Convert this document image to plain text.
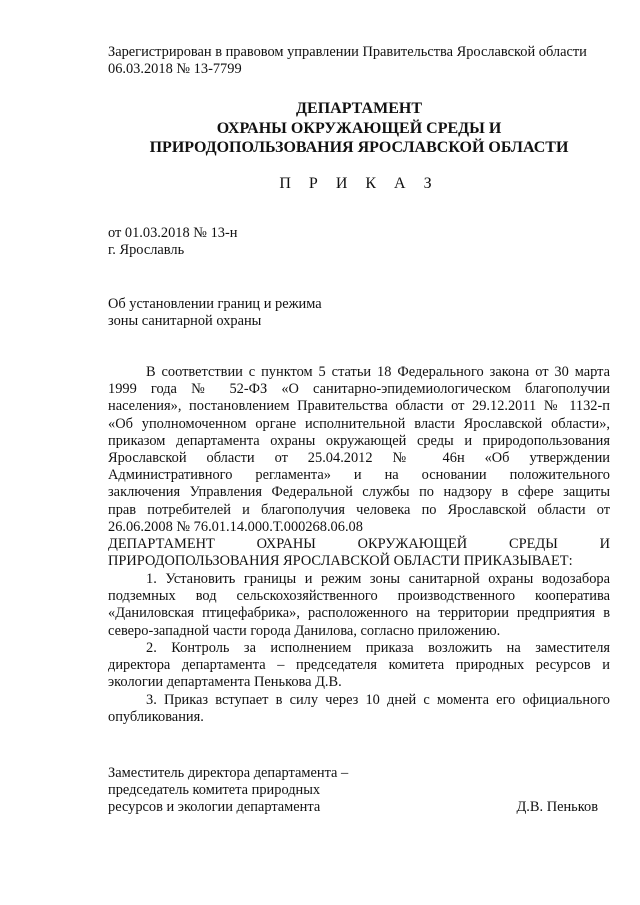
Зарегистрирован в правовом управлении Правительства Ярославской области
06.03.2018 № 13-7799
ДЕПАРТАМЕНТ
ОХРАНЫ ОКРУЖАЮЩЕЙ СРЕДЫ И
ПРИРОДОПОЛЬЗОВАНИЯ ЯРОСЛАВСКОЙ ОБЛАСТИ
П Р И К А З
от 01.03.2018 № 13-н
г. Ярославль
Об установлении границ и режима
зоны санитарной охраны
В соответствии с пунктом 5 статьи 18 Федерального закона от 30 марта
1999 года № 52-ФЗ «О санитарно-эпидемиологическом благополучии
населения», постановлением Правительства области от 29.12.2011 № 1132-п
«Об уполномоченном органе исполнительной власти Ярославской области»,
приказом департамента охраны окружающей среды и природопользования
Ярославской области от 25.04.2012 № 46н «Об утверждении
Административного регламента» и на основании положительного
заключения Управления Федеральной службы по надзору в сфере защиты
прав потребителей и благополучия человека по Ярославской области от
26.06.2008 № 76.01.14.000.Т.000268.06.08
ДЕПАРТАМЕНТ ОХРАНЫ ОКРУЖАЮЩЕЙ СРЕДЫ И
ПРИРОДОПОЛЬЗОВАНИЯ ЯРОСЛАВСКОЙ ОБЛАСТИ ПРИКАЗЫВАЕТ:
1. Установить границы и режим зоны санитарной охраны водозабора
подземных вод сельскохозяйственного производственного кооператива
«Даниловская птицефабрика», расположенного на территории предприятия в
северо-западной части города Данилова, согласно приложению.
2. Контроль за исполнением приказа возложить на заместителя
директора департамента – председателя комитета природных ресурсов и
экологии департамента Пенькова Д.В.
3. Приказ вступает в силу через 10 дней с момента его официального
опубликования.
Заместитель директора департамента –
председатель комитета природных
ресурсов и экологии департамента	Д.В. Пеньков
